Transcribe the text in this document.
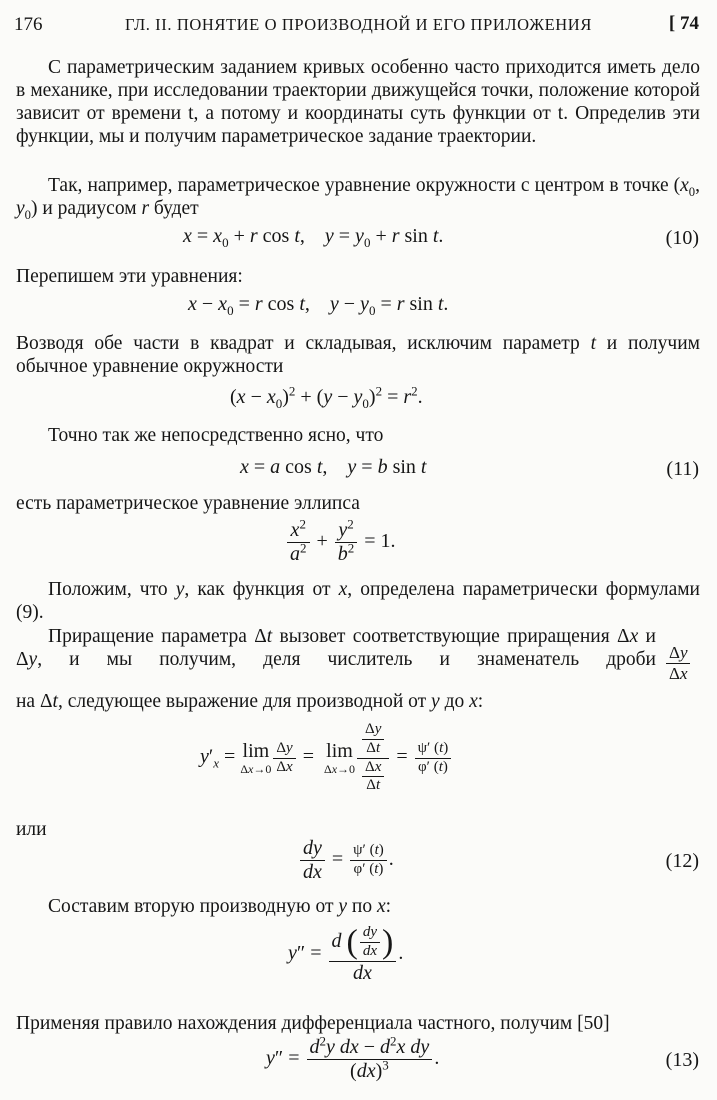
176	ГЛ. II. ПОНЯТИЕ О ПРОИЗВОДНОЙ И ЕГО ПРИЛОЖЕНИЯ	[ 74
С параметрическим заданием кривых особенно часто приходится иметь дело в механике, при исследовании траектории движущейся точки, положение которой зависит от времени t, а потому и координаты суть функции от t. Определив эти функции, мы и получим параметрическое задание траектории.
Так, например, параметрическое уравнение окружности с центром в точке ($x_0$, $y_0$) и радиусом r будет
$x = x_0 + r$ cos t,    $y = y_0 + r$ sin t.	(10)
Перепишем эти уравнения:
$x - x_0 = r$ cos t,    $y - y_0 = r$ sin t.
Возводя обе части в квадрат и складывая, исключим параметр t и получим обычное уравнение окружности
$(x - x_0)^2 + (y - y_0)^2 = r^2$.
Точно так же непосредственно ясно, что
x = a cos t,    y = b sin t	(11)
есть параметрическое уравнение эллипса
$\frac{x^2}{a^2} + \frac{y^2}{b^2} = 1$.
Положим, что y, как функция от x, определена параметрически формулами (9).
Приращение параметра Δt вызовет соответствующие приращения Δx и Δy, и мы получим, деля числитель и знаменатель дроби $\frac{\Delta y}{\Delta x}$
на Δt, следующее выражение для производной от y до x:
$y'_x = \lim$
$\Delta x\to 0 \frac{\Delta y}{\Delta x} = \lim$
$\Delta x\to 0 \frac{\frac{\Delta y}{\Delta t}}{\frac{\Delta x}{\Delta t}} = \frac{\psi' (t)}{\varphi' (t)}$
или
$\frac{dy}{dx} = \frac{\psi' (t)}{\varphi' (t)}$ .	(12)
Составим вторую производную от y по x:
$y'' = \frac{d ( \frac{dy}{dx} )}{dx}$ .
Применяя правило нахождения дифференциала частного, получим [50]
$y'' = \frac{d^2y dx - d^2x dy}{(dx)^3}$ .	(13)
